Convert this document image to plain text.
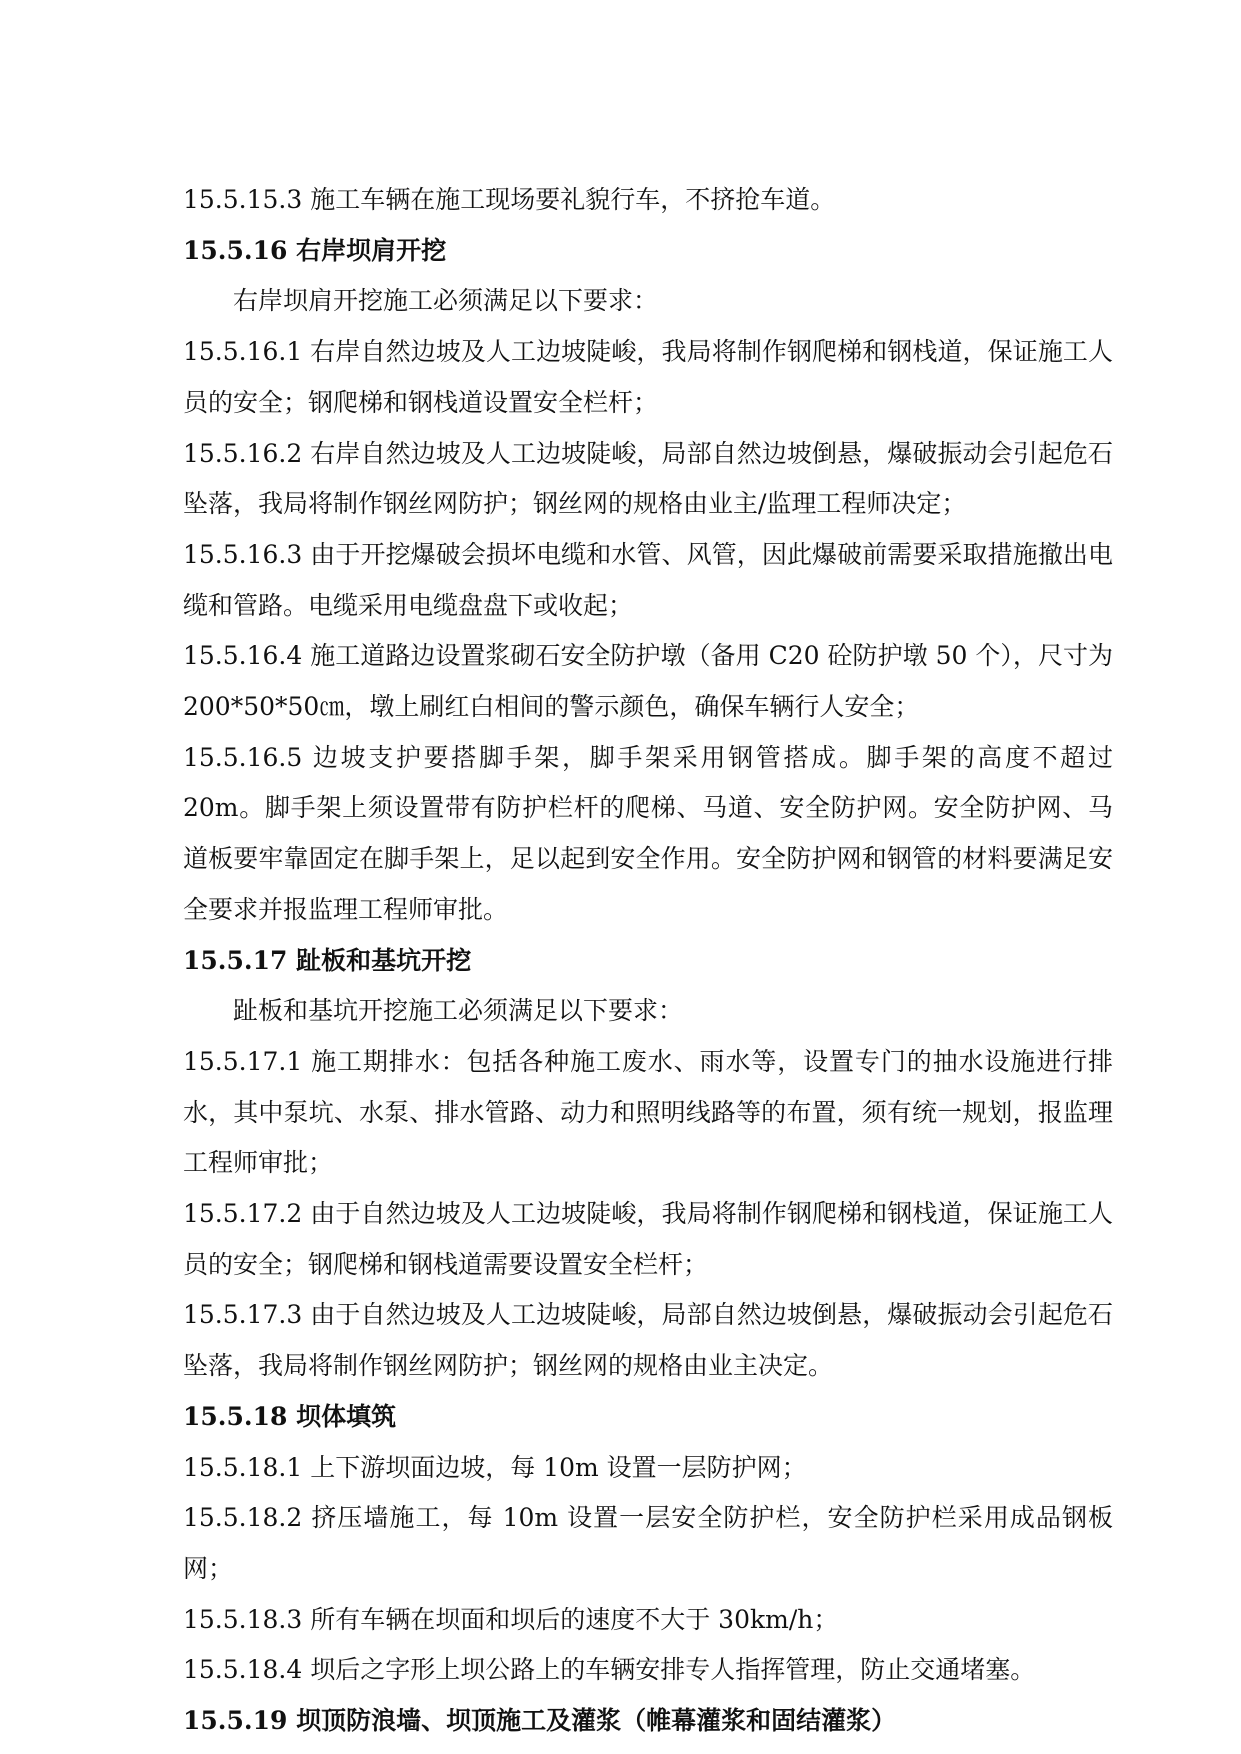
15.5.15.3 施工车辆在施工现场要礼貌行车，不挤抢车道。

15.5.16 右岸坝肩开挖

右岸坝肩开挖施工必须满足以下要求：

15.5.16.1 右岸自然边坡及人工边坡陡峻，我局将制作钢爬梯和钢栈道，保证施工人员的安全；钢爬梯和钢栈道设置安全栏杆；

15.5.16.2 右岸自然边坡及人工边坡陡峻，局部自然边坡倒悬，爆破振动会引起危石坠落，我局将制作钢丝网防护；钢丝网的规格由业主/监理工程师决定；

15.5.16.3 由于开挖爆破会损坏电缆和水管、风管，因此爆破前需要采取措施撤出电缆和管路。电缆采用电缆盘盘下或收起；

15.5.16.4 施工道路边设置浆砌石安全防护墩（备用 C20 砼防护墩 50 个），尺寸为 200*50*50㎝，墩上刷红白相间的警示颜色，确保车辆行人安全；

15.5.16.5 边坡支护要搭脚手架，脚手架采用钢管搭成。脚手架的高度不超过 20m。脚手架上须设置带有防护栏杆的爬梯、马道、安全防护网。安全防护网、马道板要牢靠固定在脚手架上，足以起到安全作用。安全防护网和钢管的材料要满足安全要求并报监理工程师审批。

15.5.17 趾板和基坑开挖

趾板和基坑开挖施工必须满足以下要求：

15.5.17.1 施工期排水：包括各种施工废水、雨水等，设置专门的抽水设施进行排水，其中泵坑、水泵、排水管路、动力和照明线路等的布置，须有统一规划，报监理工程师审批；

15.5.17.2 由于自然边坡及人工边坡陡峻，我局将制作钢爬梯和钢栈道，保证施工人员的安全；钢爬梯和钢栈道需要设置安全栏杆；

15.5.17.3 由于自然边坡及人工边坡陡峻，局部自然边坡倒悬，爆破振动会引起危石坠落，我局将制作钢丝网防护；钢丝网的规格由业主决定。

15.5.18 坝体填筑

15.5.18.1 上下游坝面边坡，每 10m 设置一层防护网；

15.5.18.2 挤压墙施工，每 10m 设置一层安全防护栏，安全防护栏采用成品钢板网；

15.5.18.3 所有车辆在坝面和坝后的速度不大于 30km/h；

15.5.18.4 坝后之字形上坝公路上的车辆安排专人指挥管理，防止交通堵塞。

15.5.19 坝顶防浪墙、坝顶施工及灌浆（帷幕灌浆和固结灌浆）
